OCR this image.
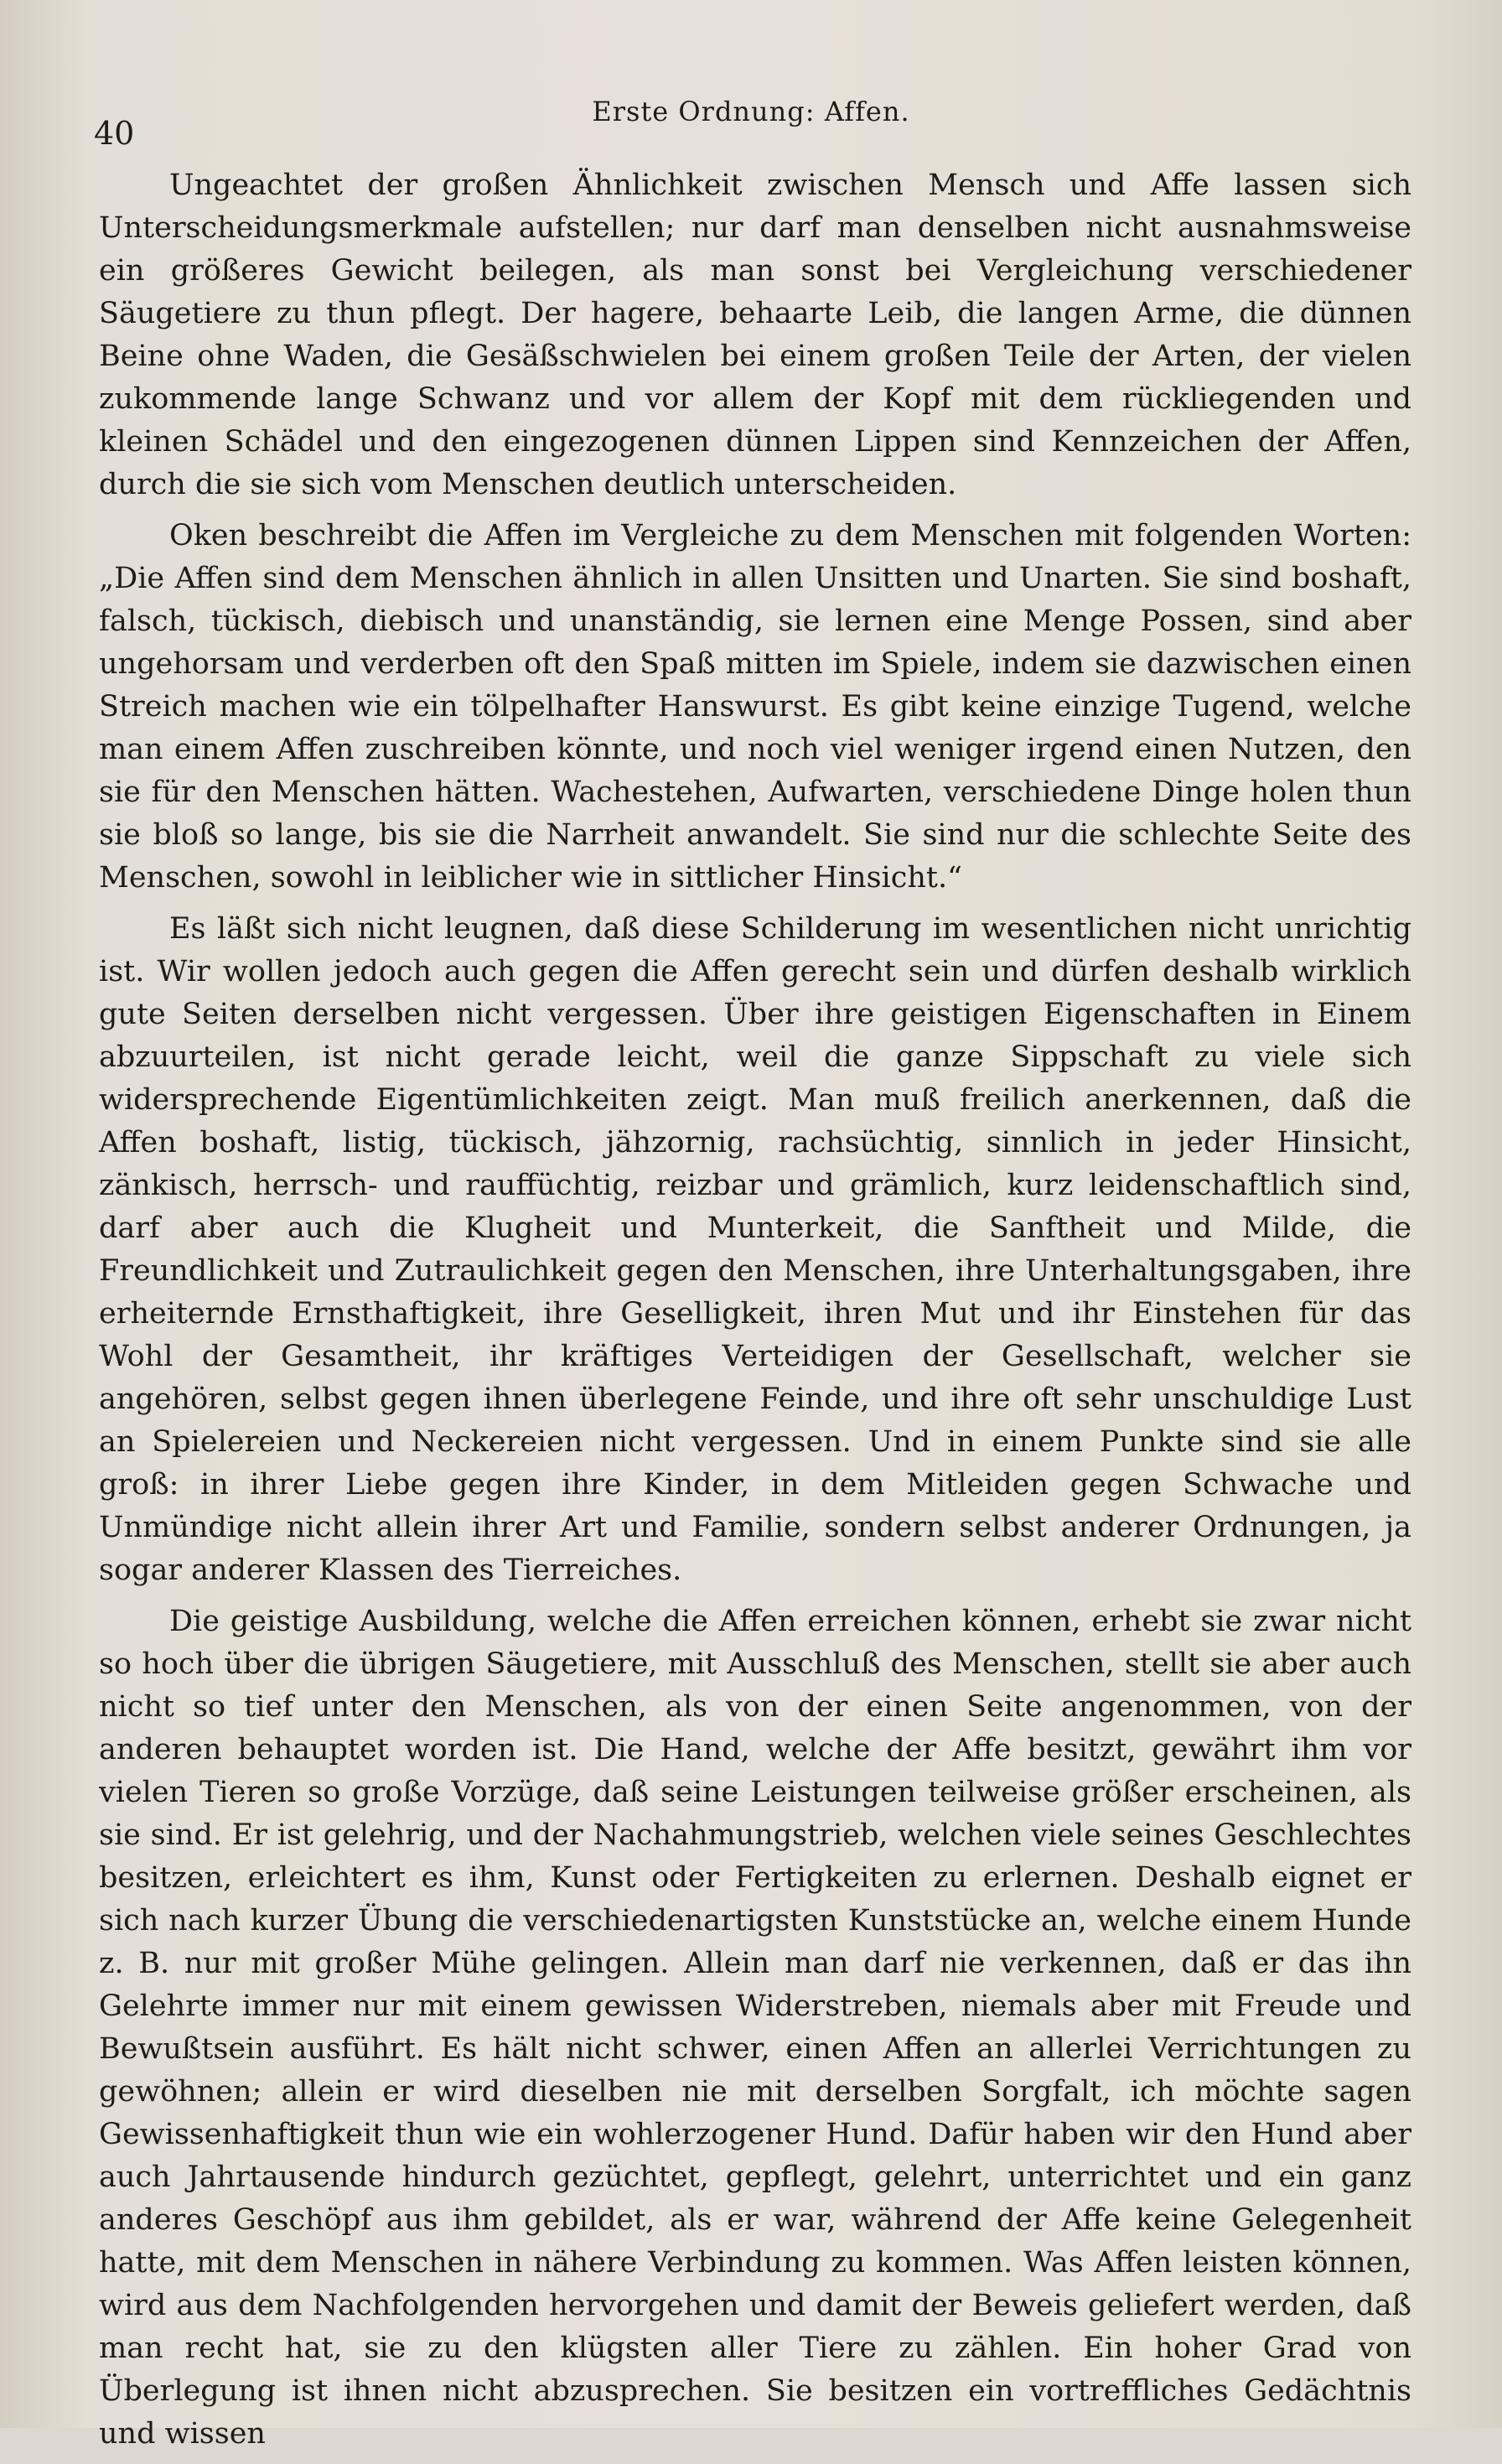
40
Erste Ordnung: Affen.

Ungeachtet der großen Ähnlichkeit zwischen Mensch und Affe lassen sich Unterscheidungsmerkmale aufstellen; nur darf man denselben nicht ausnahmsweise ein größeres Gewicht beilegen, als man sonst bei Vergleichung verschiedener Säugetiere zu thun pflegt. Der hagere, behaarte Leib, die langen Arme, die dünnen Beine ohne Waden, die Gesäßschwielen bei einem großen Teile der Arten, der vielen zukommende lange Schwanz und vor allem der Kopf mit dem rückliegenden und kleinen Schädel und den eingezogenen dünnen Lippen sind Kennzeichen der Affen, durch die sie sich vom Menschen deutlich unterscheiden.

Oken beschreibt die Affen im Vergleiche zu dem Menschen mit folgenden Worten: „Die Affen sind dem Menschen ähnlich in allen Unsitten und Unarten. Sie sind boshaft, falsch, tückisch, diebisch und unanständig, sie lernen eine Menge Possen, sind aber ungehorsam und verderben oft den Spaß mitten im Spiele, indem sie dazwischen einen Streich machen wie ein tölpelhafter Hanswurst. Es gibt keine einzige Tugend, welche man einem Affen zuschreiben könnte, und noch viel weniger irgend einen Nutzen, den sie für den Menschen hätten. Wachestehen, Aufwarten, verschiedene Dinge holen thun sie bloß so lange, bis sie die Narrheit anwandelt. Sie sind nur die schlechte Seite des Menschen, sowohl in leiblicher wie in sittlicher Hinsicht.“

Es läßt sich nicht leugnen, daß diese Schilderung im wesentlichen nicht unrichtig ist. Wir wollen jedoch auch gegen die Affen gerecht sein und dürfen deshalb wirklich gute Seiten derselben nicht vergessen. Über ihre geistigen Eigenschaften in Einem abzuurteilen, ist nicht gerade leicht, weil die ganze Sippschaft zu viele sich widersprechende Eigentümlichkeiten zeigt. Man muß freilich anerkennen, daß die Affen boshaft, listig, tückisch, jähzornig, rachsüchtig, sinnlich in jeder Hinsicht, zänkisch, herrsch- und rauffüchtig, reizbar und grämlich, kurz leidenschaftlich sind, darf aber auch die Klugheit und Munterkeit, die Sanftheit und Milde, die Freundlichkeit und Zutraulichkeit gegen den Menschen, ihre Unterhaltungsgaben, ihre erheiternde Ernsthaftigkeit, ihre Geselligkeit, ihren Mut und ihr Einstehen für das Wohl der Gesamtheit, ihr kräftiges Verteidigen der Gesellschaft, welcher sie angehören, selbst gegen ihnen überlegene Feinde, und ihre oft sehr unschuldige Lust an Spielereien und Neckereien nicht vergessen. Und in einem Punkte sind sie alle groß: in ihrer Liebe gegen ihre Kinder, in dem Mitleiden gegen Schwache und Unmündige nicht allein ihrer Art und Familie, sondern selbst anderer Ordnungen, ja sogar anderer Klassen des Tierreiches.

Die geistige Ausbildung, welche die Affen erreichen können, erhebt sie zwar nicht so hoch über die übrigen Säugetiere, mit Ausschluß des Menschen, stellt sie aber auch nicht so tief unter den Menschen, als von der einen Seite angenommen, von der anderen behauptet worden ist. Die Hand, welche der Affe besitzt, gewährt ihm vor vielen Tieren so große Vorzüge, daß seine Leistungen teilweise größer erscheinen, als sie sind. Er ist gelehrig, und der Nachahmungstrieb, welchen viele seines Geschlechtes besitzen, erleichtert es ihm, Kunst oder Fertigkeiten zu erlernen. Deshalb eignet er sich nach kurzer Übung die verschiedenartigsten Kunststücke an, welche einem Hunde z. B. nur mit großer Mühe gelingen. Allein man darf nie verkennen, daß er das ihn Gelehrte immer nur mit einem gewissen Widerstreben, niemals aber mit Freude und Bewußtsein ausführt. Es hält nicht schwer, einen Affen an allerlei Verrichtungen zu gewöhnen; allein er wird dieselben nie mit derselben Sorgfalt, ich möchte sagen Gewissenhaftigkeit thun wie ein wohlerzogener Hund. Dafür haben wir den Hund aber auch Jahrtausende hindurch gezüchtet, gepflegt, gelehrt, unterrichtet und ein ganz anderes Geschöpf aus ihm gebildet, als er war, während der Affe keine Gelegenheit hatte, mit dem Menschen in nähere Verbindung zu kommen. Was Affen leisten können, wird aus dem Nachfolgenden hervorgehen und damit der Beweis geliefert werden, daß man recht hat, sie zu den klügsten aller Tiere zu zählen. Ein hoher Grad von Überlegung ist ihnen nicht abzusprechen. Sie besitzen ein vortreffliches Gedächtnis und wissen
